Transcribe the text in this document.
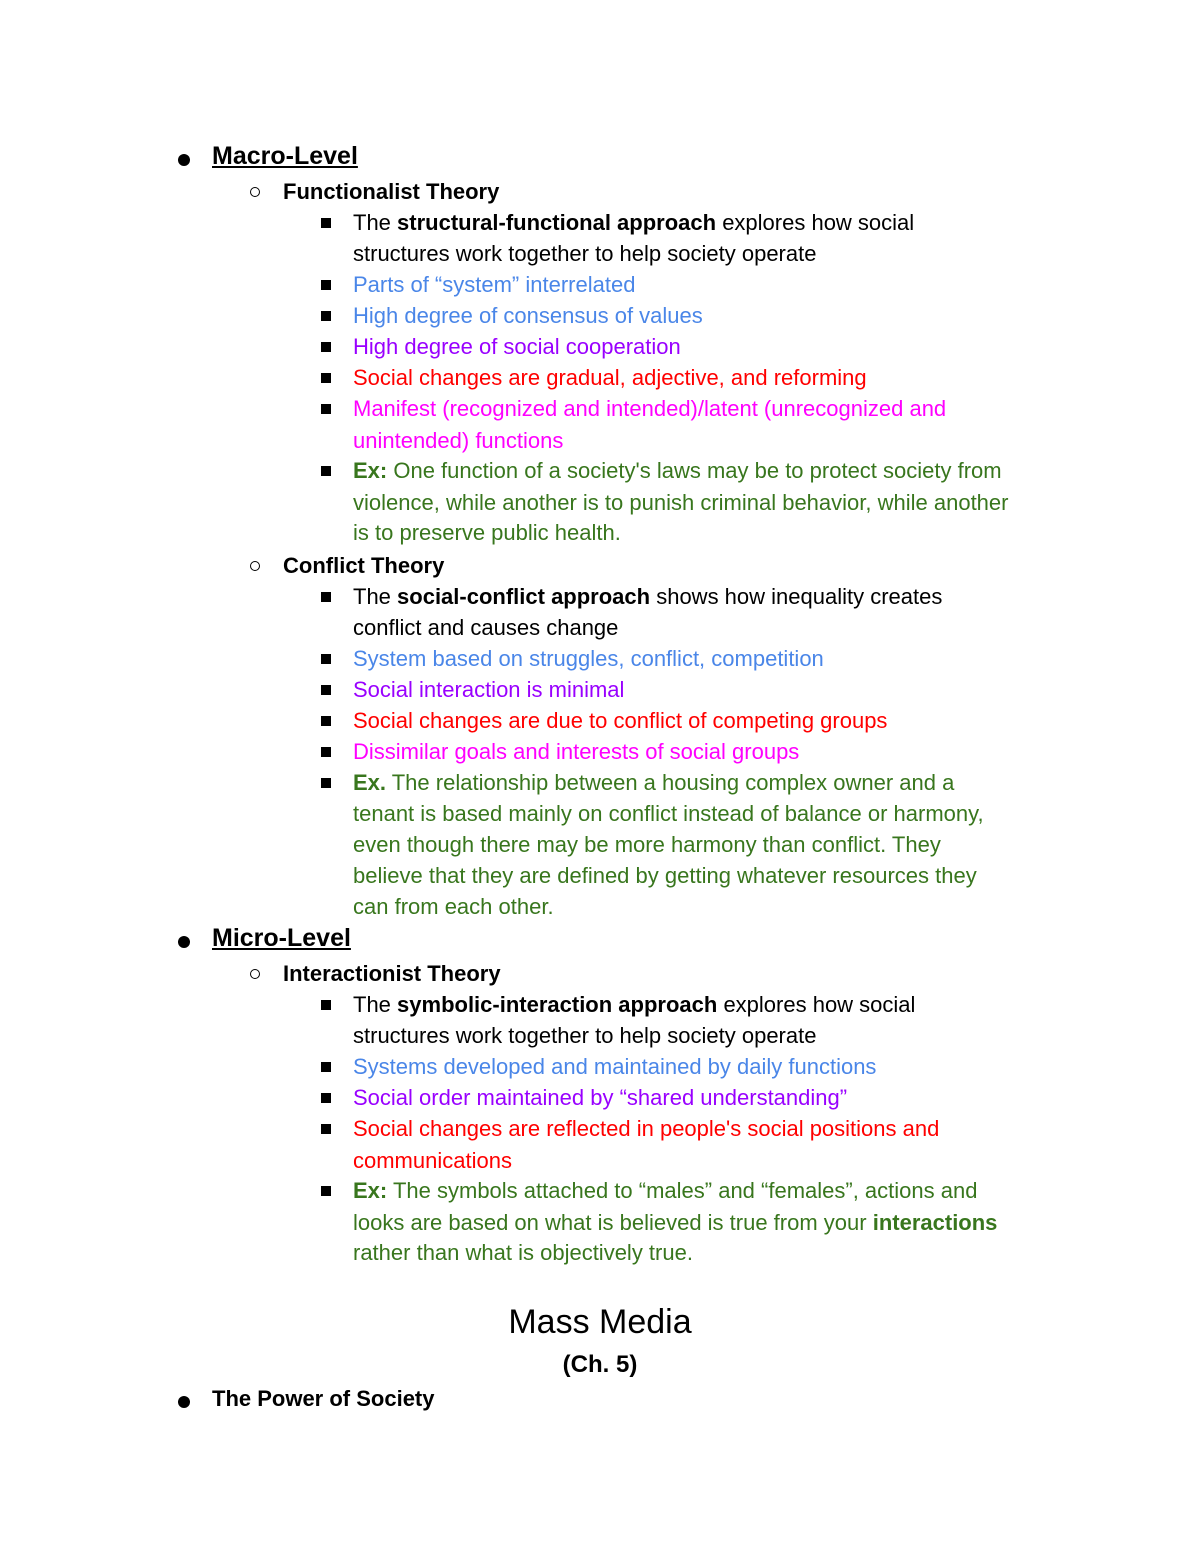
Macro-Level
Functionalist Theory
The structural-functional approach explores how social
structures work together to help society operate
Parts of “system” interrelated
High degree of consensus of values
High degree of social cooperation
Social changes are gradual, adjective, and reforming
Manifest (recognized and intended)/latent (unrecognized and
unintended) functions
Ex: One function of a society's laws may be to protect society from
violence, while another is to punish criminal behavior, while another
is to preserve public health.
Conflict Theory
The social-conflict approach shows how inequality creates
conflict and causes change
System based on struggles, conflict, competition
Social interaction is minimal
Social changes are due to conflict of competing groups
Dissimilar goals and interests of social groups
Ex. The relationship between a housing complex owner and a
tenant is based mainly on conflict instead of balance or harmony,
even though there may be more harmony than conflict. They
believe that they are defined by getting whatever resources they
can from each other.
Micro-Level
Interactionist Theory
The symbolic-interaction approach explores how social
structures work together to help society operate
Systems developed and maintained by daily functions
Social order maintained by “shared understanding”
Social changes are reflected in people's social positions and
communications
Ex: The symbols attached to “males” and “females”, actions and
looks are based on what is believed is true from your interactions
rather than what is objectively true.
Mass Media
(Ch. 5)
The Power of Society
